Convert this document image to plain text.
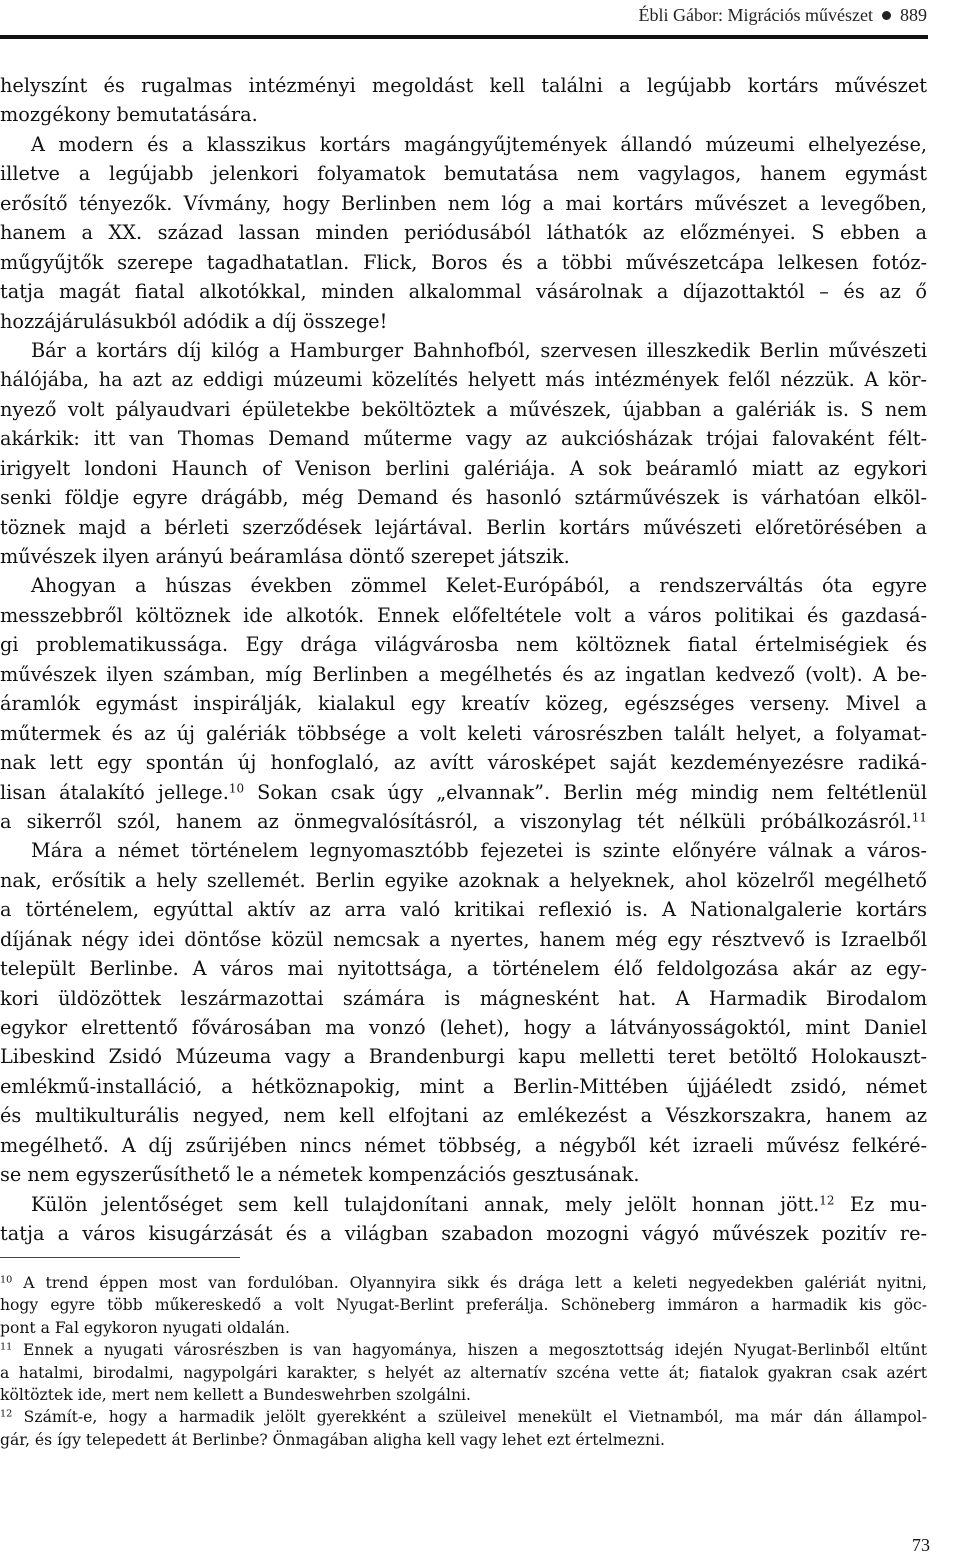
Ébli Gábor: Migrációs művészet 889
helyszínt és rugalmas intézményi megoldást kell találni a legújabb kortárs művészet
mozgékony bemutatására.
A modern és a klasszikus kortárs magángyűjtemények állandó múzeumi elhelyezése,
illetve a legújabb jelenkori folyamatok bemutatása nem vagylagos, hanem egymást
erősítő tényezők. Vívmány, hogy Berlinben nem lóg a mai kortárs művészet a levegőben,
hanem a XX. század lassan minden periódusából láthatók az előzményei. S ebben a
műgyűjtők szerepe tagadhatatlan. Flick, Boros és a többi művészetcápa lelkesen fotóz-
tatja magát fiatal alkotókkal, minden alkalommal vásárolnak a díjazottaktól – és az ő
hozzájárulásukból adódik a díj összege!
Bár a kortárs díj kilóg a Hamburger Bahnhofból, szervesen illeszkedik Berlin művészeti
hálójába, ha azt az eddigi múzeumi közelítés helyett más intézmények felől nézzük. A kör-
nyező volt pályaudvari épületekbe beköltöztek a művészek, újabban a galériák is. S nem
akárkik: itt van Thomas Demand műterme vagy az aukciósházak trójai falovaként félt-
irigyelt londoni Haunch of Venison berlini galériája. A sok beáramló miatt az egykori
senki földje egyre drágább, még Demand és hasonló sztárművészek is várhatóan elköl-
töznek majd a bérleti szerződések lejártával. Berlin kortárs művészeti előretörésében a
művészek ilyen arányú beáramlása döntő szerepet játszik.
Ahogyan a húszas években zömmel Kelet-Európából, a rendszerváltás óta egyre
messzebbről költöznek ide alkotók. Ennek előfeltétele volt a város politikai és gazdasá-
gi problematikussága. Egy drága világvárosba nem költöznek fiatal értelmiségiek és
művészek ilyen számban, míg Berlinben a megélhetés és az ingatlan kedvező (volt). A be-
áramlók egymást inspirálják, kialakul egy kreatív közeg, egészséges verseny. Mivel a
műtermek és az új galériák többsége a volt keleti városrészben talált helyet, a folyamat-
nak lett egy spontán új honfoglaló, az avítt városképet saját kezdeményezésre radiká-
lisan átalakító jellege.$^{10}$ Sokan csak úgy „elvannak”. Berlin még mindig nem feltétlenül
a sikerről szól, hanem az önmegvalósításról, a viszonylag tét nélküli próbálkozásról.$^{11}$
Mára a német történelem legnyomasztóbb fejezetei is szinte előnyére válnak a város-
nak, erősítik a hely szellemét. Berlin egyike azoknak a helyeknek, ahol közelről megélhető
a történelem, egyúttal aktív az arra való kritikai reflexió is. A Nationalgalerie kortárs
díjának négy idei döntőse közül nemcsak a nyertes, hanem még egy résztvevő is Izraelből
települt Berlinbe. A város mai nyitottsága, a történelem élő feldolgozása akár az egy-
kori üldözöttek leszármazottai számára is mágnesként hat. A Harmadik Birodalom
egykor elrettentő fővárosában ma vonzó (lehet), hogy a látványosságoktól, mint Daniel
Libeskind Zsidó Múzeuma vagy a Brandenburgi kapu melletti teret betöltő Holokauszt-
emlékmű-installáció, a hétköznapokig, mint a Berlin-Mittében újjáéledt zsidó, német
és multikulturális negyed, nem kell elfojtani az emlékezést a Vészkorszakra, hanem az
megélhető. A díj zsűrijében nincs német többség, a négyből két izraeli művész felkéré-
se nem egyszerűsíthető le a németek kompenzációs gesztusának.
Külön jelentőséget sem kell tulajdonítani annak, mely jelölt honnan jött.$^{12}$ Ez mu-
tatja a város kisugárzását és a világban szabadon mozogni vágyó művészek pozitív re-
$^{10}$ A trend éppen most van fordulóban. Olyannyira sikk és drága lett a keleti negyedekben galériát nyitni,
hogy egyre több műkereskedő a volt Nyugat-Berlint preferálja. Schöneberg immáron a harmadik kis göc-
pont a Fal egykoron nyugati oldalán.
$^{11}$ Ennek a nyugati városrészben is van hagyománya, hiszen a megosztottság idején Nyugat-Berlinből eltűnt
a hatalmi, birodalmi, nagypolgári karakter, s helyét az alternatív szcéna vette át; fiatalok gyakran csak azért
költöztek ide, mert nem kellett a Bundeswehrben szolgálni.
$^{12}$ Számít-e, hogy a harmadik jelölt gyerekként a szüleivel menekült el Vietnamból, ma már dán állampol-
gár, és így telepedett át Berlinbe? Önmagában aligha kell vagy lehet ezt értelmezni.
73
